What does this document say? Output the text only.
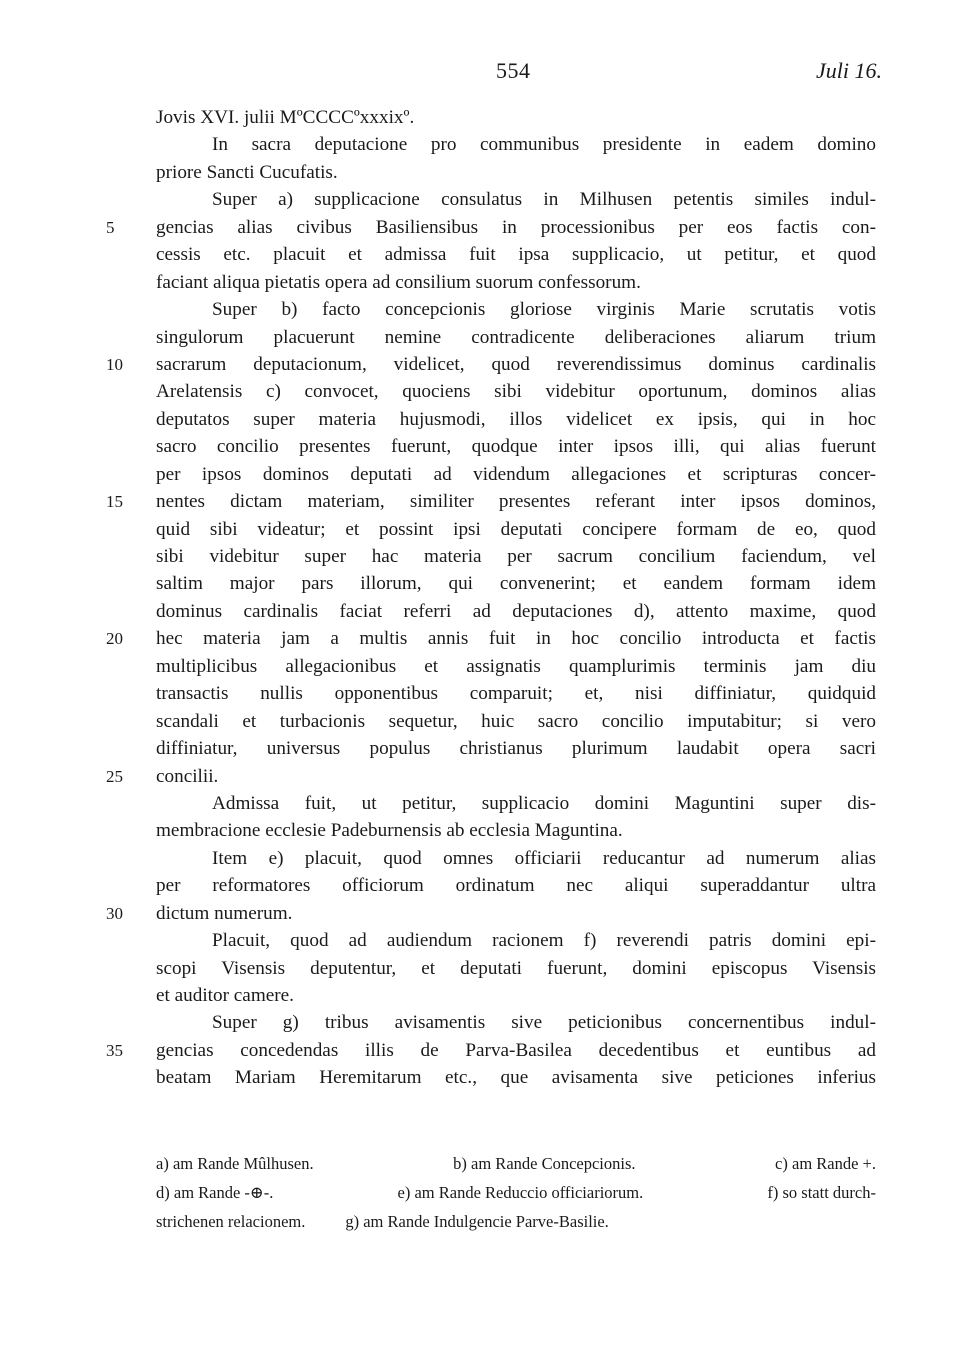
554	Juli 16.
Jovis XVI. julii MºCCCCºxxxixº.
In sacra deputacione pro communibus presidente in eadem domino
priore Sancti Cucufatis.
Super a) supplicacione consulatus in Milhusen petentis similes indul-
5	gencias alias civibus Basiliensibus in processionibus per eos factis con-
cessis etc. placuit et admissa fuit ipsa supplicacio, ut petitur, et quod
faciant aliqua pietatis opera ad consilium suorum confessorum.
Super b) facto concepcionis gloriose virginis Marie scrutatis votis
singulorum placuerunt nemine contradicente deliberaciones aliarum trium
10	sacrarum deputacionum, videlicet, quod reverendissimus dominus cardinalis
Arelatensis c) convocet, quociens sibi videbitur oportunum, dominos alias
deputatos super materia hujusmodi, illos videlicet ex ipsis, qui in hoc
sacro concilio presentes fuerunt, quodque inter ipsos illi, qui alias fuerunt
per ipsos dominos deputati ad videndum allegaciones et scripturas concer-
15	nentes dictam materiam, similiter presentes referant inter ipsos dominos,
quid sibi videatur; et possint ipsi deputati concipere formam de eo, quod
sibi videbitur super hac materia per sacrum concilium faciendum, vel
saltim major pars illorum, qui convenerint; et eandem formam idem
dominus cardinalis faciat referri ad deputaciones d), attento maxime, quod
20	hec materia jam a multis annis fuit in hoc concilio introducta et factis
multiplicibus allegacionibus et assignatis quamplurimis terminis jam diu
transactis nullis opponentibus comparuit; et, nisi diffiniatur, quidquid
scandali et turbacionis sequetur, huic sacro concilio imputabitur; si vero
diffiniatur, universus populus christianus plurimum laudabit opera sacri
25	concilii.
Admissa fuit, ut petitur, supplicacio domini Maguntini super dis-
membracione ecclesie Padeburnensis ab ecclesia Maguntina.
Item e) placuit, quod omnes officiarii reducantur ad numerum alias
per reformatores officiorum ordinatum nec aliqui superaddantur ultra
30	dictum numerum.
Placuit, quod ad audiendum racionem f) reverendi patris domini epi-
scopi Visensis deputentur, et deputati fuerunt, domini episcopus Visensis
et auditor camere.
Super g) tribus avisamentis sive peticionibus concernentibus indul-
35	gencias concedendas illis de Parva-Basilea decedentibus et euntibus ad
beatam Mariam Heremitarum etc., que avisamenta sive peticiones inferius
a) am Rande Mûlhusen.	b) am Rande Concepcionis.	c) am Rande +.
d) am Rande -⊕-.	e) am Rande Reduccio officiariorum.	f) so statt durch-
strichenen relacionem. g) am Rande Indulgencie Parve-Basilie.
